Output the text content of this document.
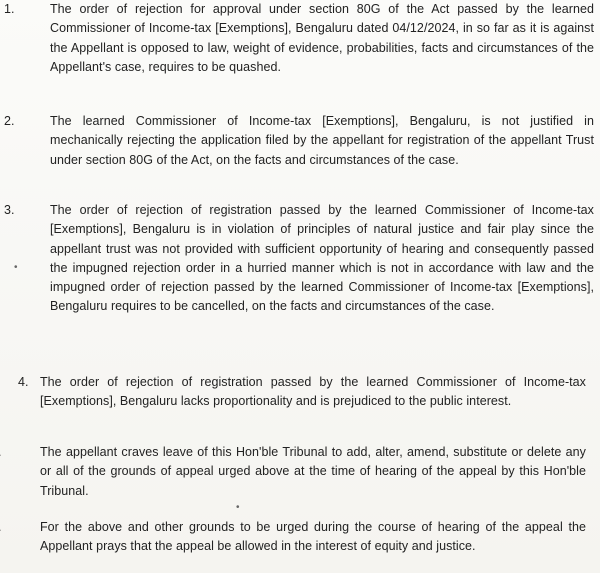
1.	The order of rejection for approval under section 80G of the Act passed by the learned Commissioner of Income-tax [Exemptions], Bengaluru dated 04/12/2024, in so far as it is against the Appellant is opposed to law, weight of evidence, probabilities, facts and circumstances of the Appellant's case, requires to be quashed.
2.	The learned Commissioner of Income-tax [Exemptions], Bengaluru, is not justified in mechanically rejecting the application filed by the appellant for registration of the appellant Trust under section 80G of the Act, on the facts and circumstances of the case.
3.	The order of rejection of registration passed by the learned Commissioner of Income-tax [Exemptions], Bengaluru is in violation of principles of natural justice and fair play since the appellant trust was not provided with sufficient opportunity of hearing and consequently passed the impugned rejection order in a hurried manner which is not in accordance with law and the impugned order of rejection passed by the learned Commissioner of Income-tax [Exemptions], Bengaluru requires to be cancelled, on the facts and circumstances of the case.
4. The order of rejection of registration passed by the learned Commissioner of Income-tax [Exemptions], Bengaluru lacks proportionality and is prejudiced to the public interest.
The appellant craves leave of this Hon'ble Tribunal to add, alter, amend, substitute or delete any or all of the grounds of appeal urged above at the time of hearing of the appeal by this Hon'ble Tribunal.
For the above and other grounds to be urged during the course of hearing of the appeal the Appellant prays that the appeal be allowed in the interest of equity and justice.
•
•
